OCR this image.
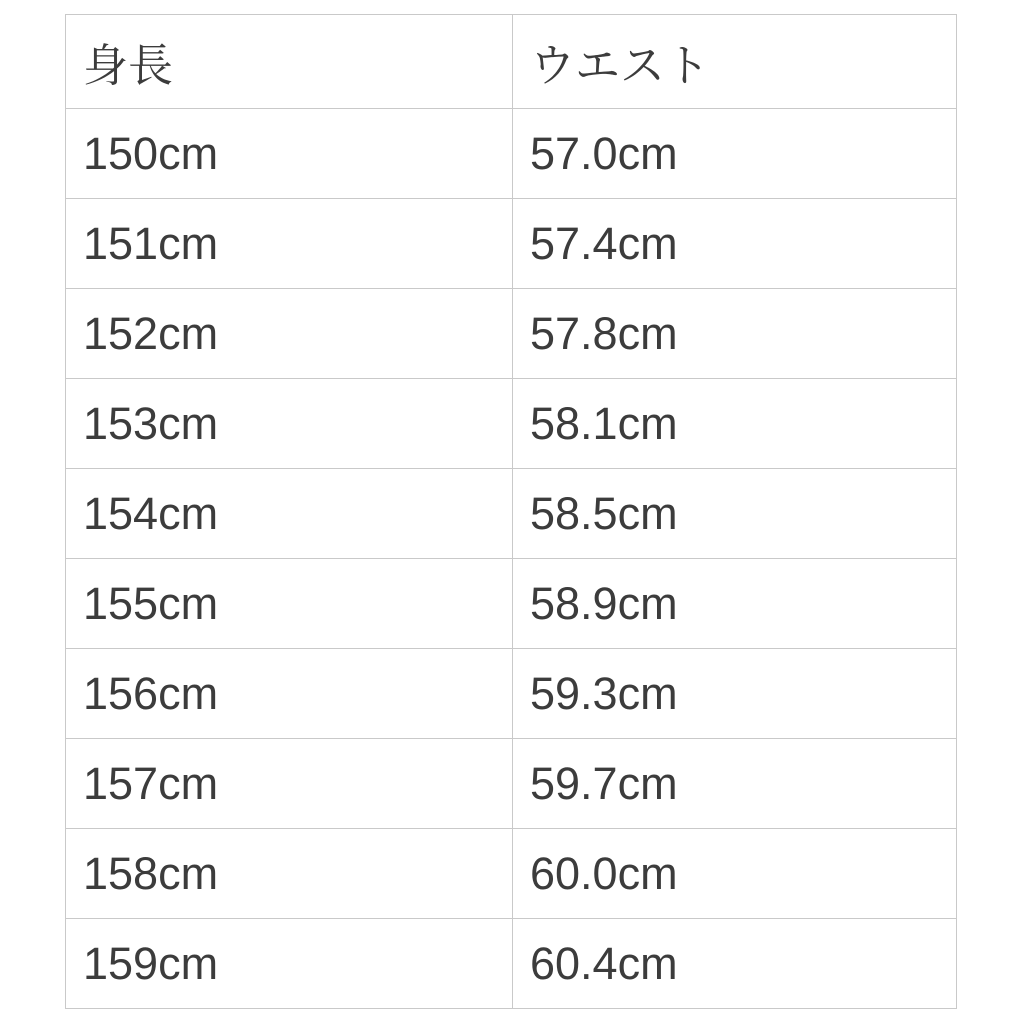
身長	ウエスト
150cm	57.0cm
151cm	57.4cm
152cm	57.8cm
153cm	58.1cm
154cm	58.5cm
155cm	58.9cm
156cm	59.3cm
157cm	59.7cm
158cm	60.0cm
159cm	60.4cm
